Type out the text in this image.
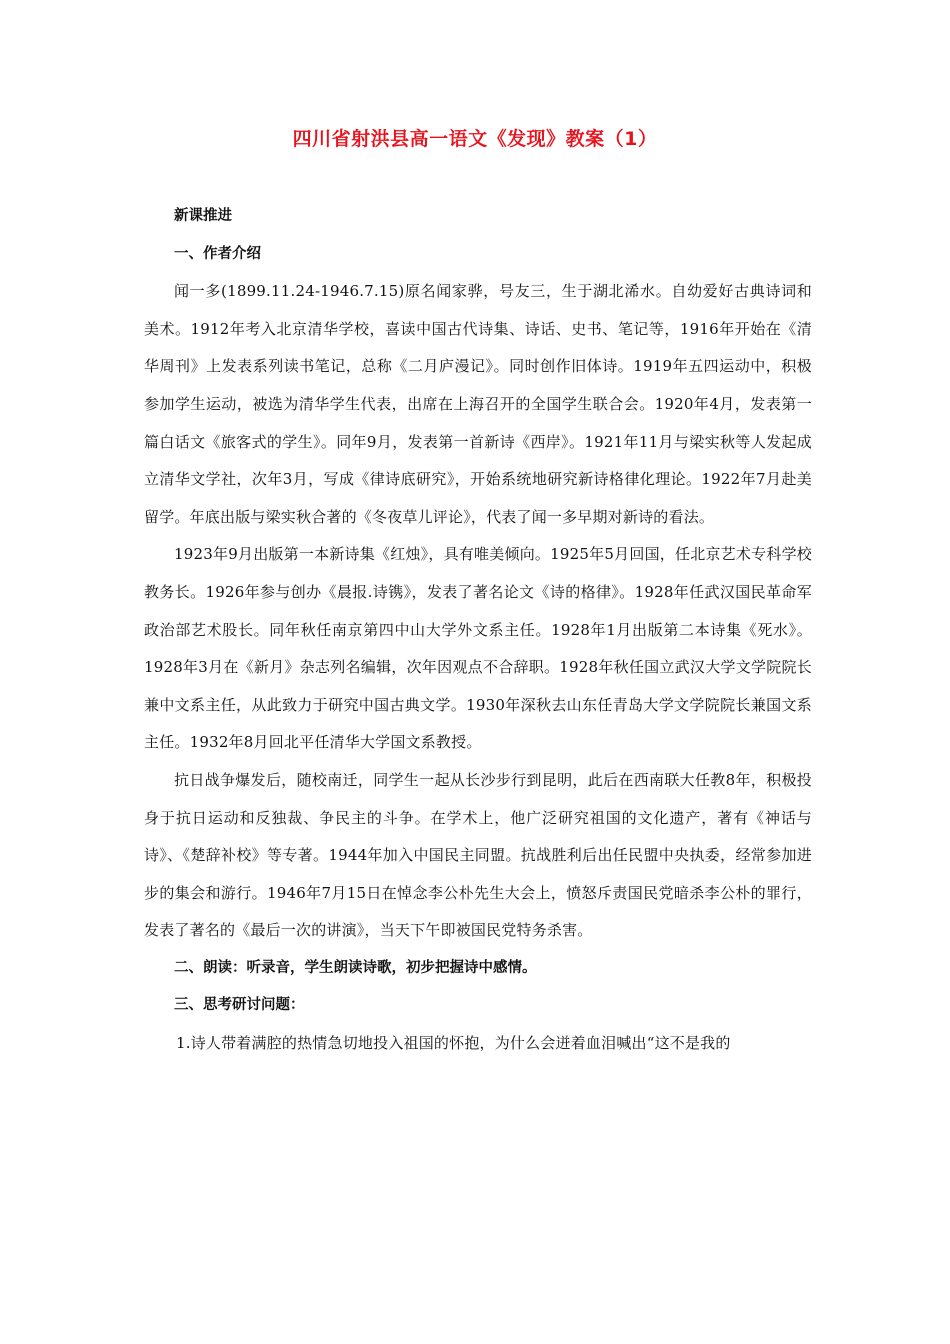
四川省射洪县高一语文《发现》教案（1）

新课推进

一、作者介绍

闻一多(1899.11.24-1946.7.15)原名闻家骅，号友三，生于湖北浠水。自幼爱好古典诗词和美术。1912年考入北京清华学校，喜读中国古代诗集、诗话、史书、笔记等，1916年开始在《清华周刊》上发表系列读书笔记，总称《二月庐漫记》。同时创作旧体诗。1919年五四运动中，积极参加学生运动，被选为清华学生代表，出席在上海召开的全国学生联合会。1920年4月，发表第一篇白话文《旅客式的学生》。同年9月，发表第一首新诗《西岸》。1921年11月与梁实秋等人发起成立清华文学社，次年3月，写成《律诗底研究》，开始系统地研究新诗格律化理论。1922年7月赴美留学。年底出版与梁实秋合著的《冬夜草儿评论》，代表了闻一多早期对新诗的看法。

1923年9月出版第一本新诗集《红烛》，具有唯美倾向。1925年5月回国，任北京艺术专科学校教务长。1926年参与创办《晨报.诗镌》，发表了著名论文《诗的格律》。1928年任武汉国民革命军政治部艺术股长。同年秋任南京第四中山大学外文系主任。1928年1月出版第二本诗集《死水》。1928年3月在《新月》杂志列名编辑，次年因观点不合辞职。1928年秋任国立武汉大学文学院院长兼中文系主任，从此致力于研究中国古典文学。1930年深秋去山东任青岛大学文学院院长兼国文系主任。1932年8月回北平任清华大学国文系教授。

抗日战争爆发后，随校南迁，同学生一起从长沙步行到昆明，此后在西南联大任教8年，积极投身于抗日运动和反独裁、争民主的斗争。在学术上，他广泛研究祖国的文化遗产，著有《神话与诗》、《楚辞补校》等专著。1944年加入中国民主同盟。抗战胜利后出任民盟中央执委，经常参加进步的集会和游行。1946年7月15日在悼念李公朴先生大会上，愤怒斥责国民党暗杀李公朴的罪行，发表了著名的《最后一次的讲演》，当天下午即被国民党特务杀害。

二、朗读：听录音，学生朗读诗歌，初步把握诗中感情。

三、思考研讨问题：

1.诗人带着满腔的热情急切地投入祖国的怀抱，为什么会迸着血泪喊出“这不是我的
